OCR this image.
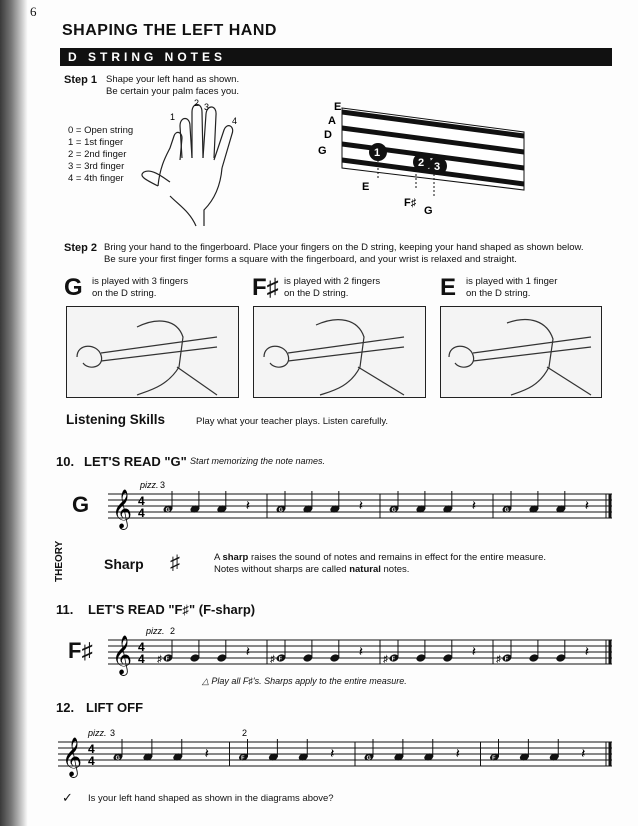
6
SHAPING THE LEFT HAND
D STRING NOTES
Step 1 Shape your left hand as shown.
Be certain your palm faces you.
0 = Open string
1 = 1st finger
2 = 2nd finger
3 = 3rd finger
4 = 4th finger
1
2 3
4
E
A
D
G	1
2 3
E
F♯
G
Step 2 Bring your hand to the fingerboard. Place your fingers on the D string, keeping your hand shaped as shown below.
Be sure your first finger forms a square with the fingerboard, and your wrist is relaxed and straight.
G is played with 3 fingers
on the D string.	F♯ is played with 2 fingers
on the D string.	E is played with 1 finger
on the D string.
Listening Skills	Play what your teacher plays. Listen carefully.
10. LET'S READ "G" Start memorizing the note names.
G 𝄞 4
4
pizz. 3
G	𝄽	G	𝄽	G	𝄽	G	𝄽
THEORY	Sharp ♯	A sharp raises the sound of notes and remains in effect for the entire measure.
Notes without sharps are called natural notes.
11. LET'S READ "F♯" (F-sharp)
F♯ 𝄞 4
4
pizz. 2
♯ F
𝄽
♯ F
𝄽
♯ F
𝄽
♯ F
𝄽
△ Play all F♯'s. Sharps apply to the entire measure.
12. LIFT OFF
𝄞 4
4
pizz. 3	2
G	𝄽	F	𝄽	G	𝄽	F	𝄽
✓ Is your left hand shaped as shown in the diagrams above?
